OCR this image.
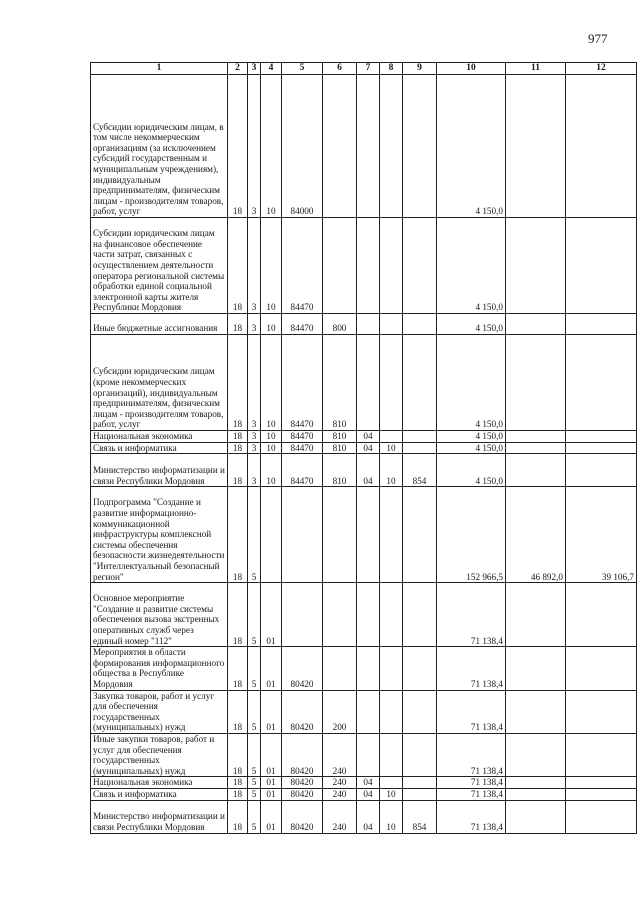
977
1	2	3	4	5	6	7	8	9	10	11	12
Субсидии юридическим лицам, в том числе некоммерческим организациям (за исключением субсидий государственным и муниципальным учреждениям), индивидуальным предпринимателям, физическим лицам - производителям товаров, работ, услуг	18	3	10	84000					4 150,0		
Субсидии юридическим лицам на финансовое обеспечение части затрат, связанных с осуществлением деятельности оператора региональной системы обработки единой социальной электронной карты жителя Республики Мордовия	18	3	10	84470					4 150,0		
Иные бюджетные ассигнования	18	3	10	84470	800				4 150,0		
Субсидии юридическим лицам (кроме некоммерческих организаций), индивидуальным предпринимателям, физическим лицам - производителям товаров, работ, услуг	18	3	10	84470	810				4 150,0		
Национальная экономика	18	3	10	84470	810	04			4 150,0		
Связь и информатика	18	3	10	84470	810	04	10		4 150,0		
Министерство информатизации и связи Республики Мордовия	18	3	10	84470	810	04	10	854	4 150,0		
Подпрограмма "Создание и развитие информационно-коммуникационной инфраструктуры комплексной системы обеспечения безопасности жизнедеятельности "Интеллектуальный безопасный регион"	18	5							152 966,5	46 892,0	39 106,7
Основное мероприятие "Создание и развитие системы обеспечения вызова экстренных оперативных служб через единый номер "112"	18	5	01						71 138,4		
Мероприятия в области формирования информационного общества в Республике Мордовия	18	5	01	80420					71 138,4		
Закупка товаров, работ и услуг для обеспечения государственных (муниципальных) нужд	18	5	01	80420	200				71 138,4		
Иные закупки товаров, работ и услуг для обеспечения государственных (муниципальных) нужд	18	5	01	80420	240				71 138,4		
Национальная экономика	18	5	01	80420	240	04			71 138,4		
Связь и информатика	18	5	01	80420	240	04	10		71 138,4		
Министерство информатизации и связи Республики Мордовия	18	5	01	80420	240	04	10	854	71 138,4		
